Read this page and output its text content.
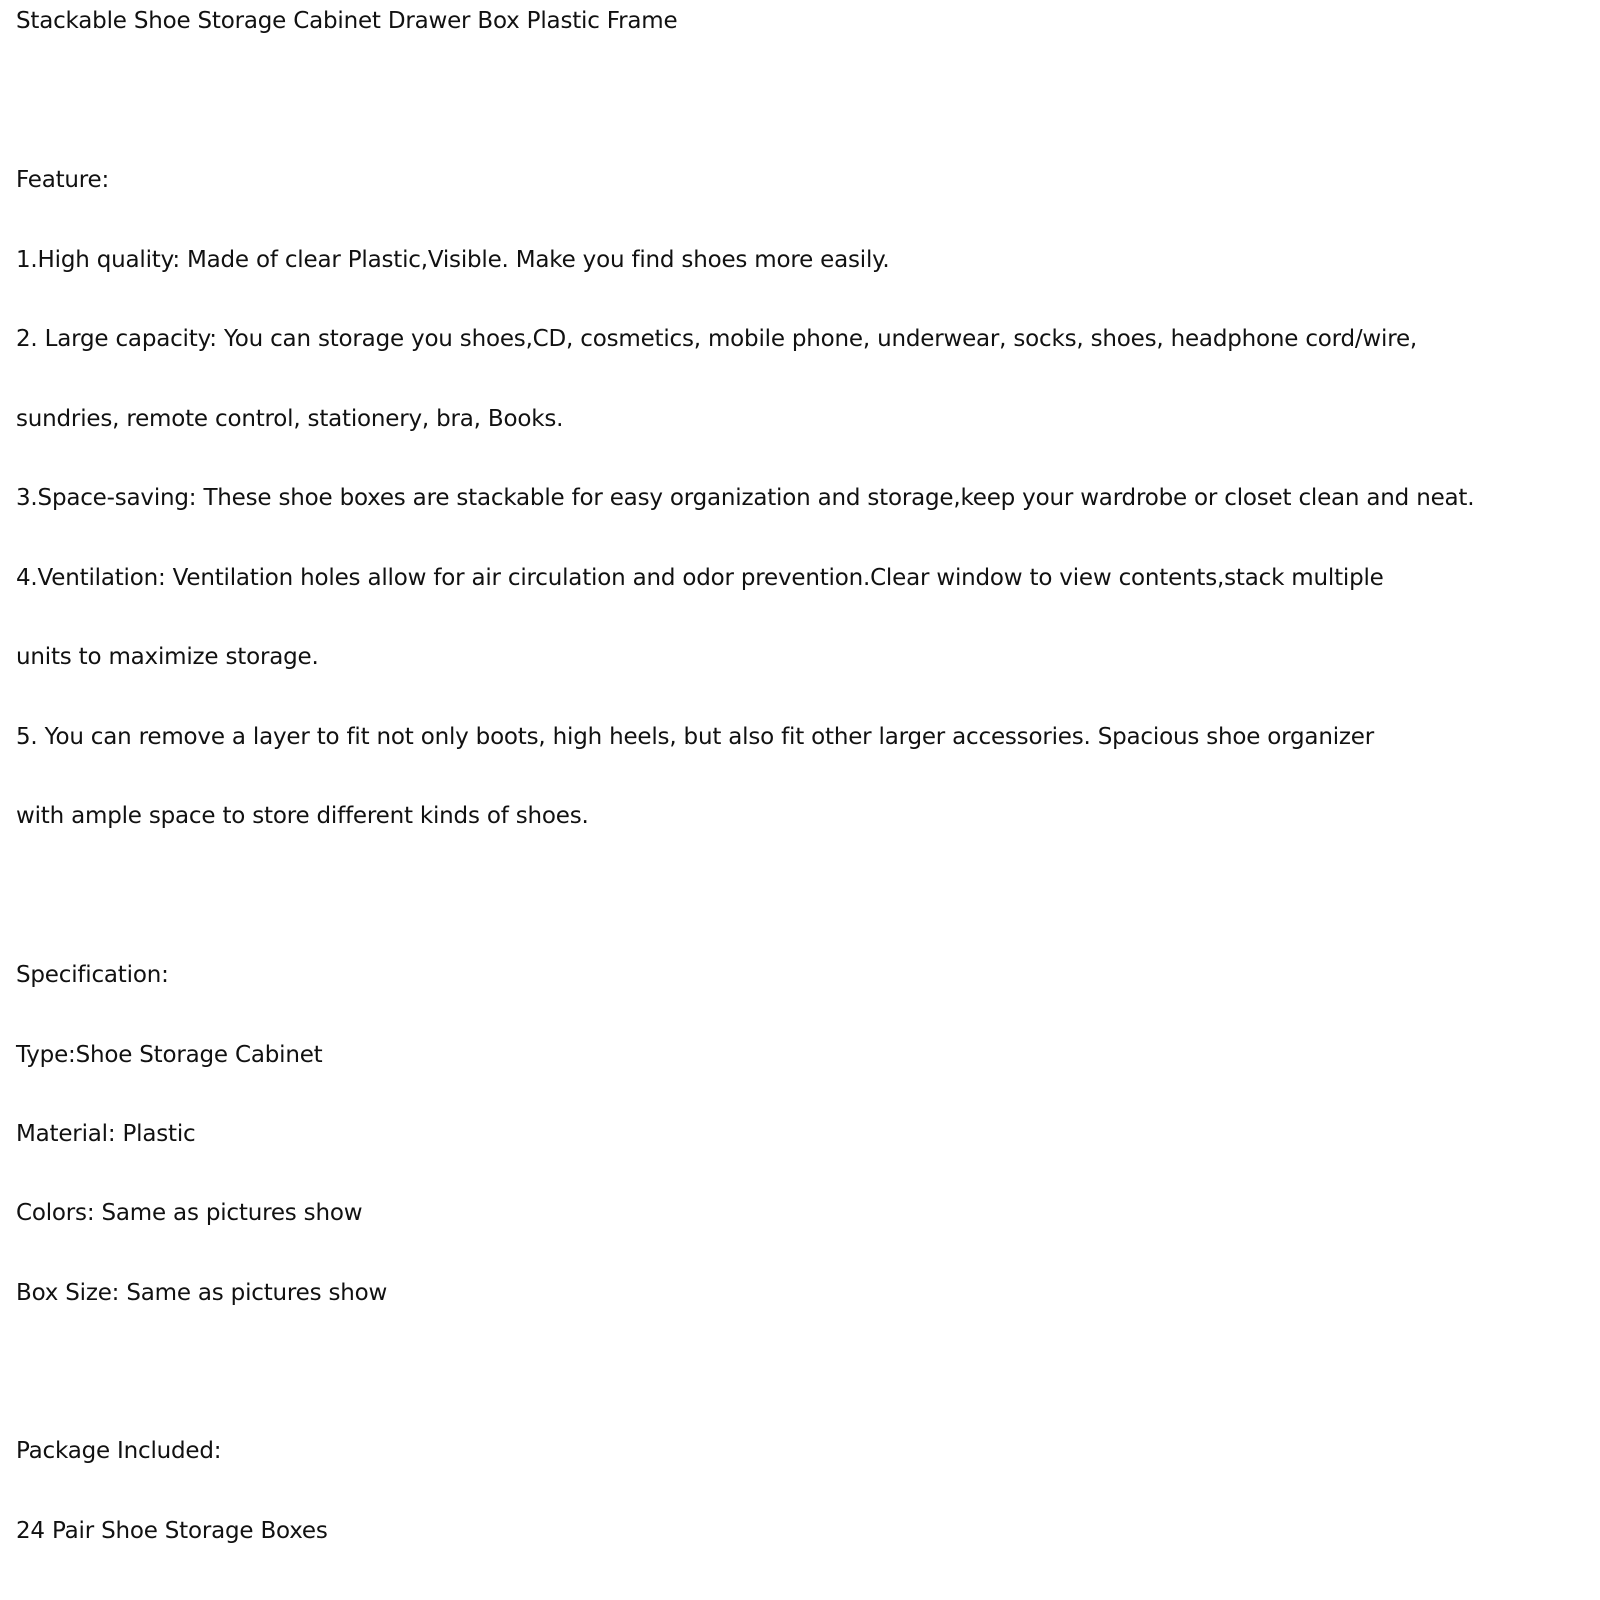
Stackable Shoe Storage Cabinet Drawer Box Plastic Frame
Feature:
1.High quality: Made of clear Plastic,Visible. Make you find shoes more easily.
2. Large capacity: You can storage you shoes,CD, cosmetics, mobile phone, underwear, socks, shoes, headphone cord/wire,
sundries, remote control, stationery, bra, Books.
3.Space-saving: These shoe boxes are stackable for easy organization and storage,keep your wardrobe or closet clean and neat.
4.Ventilation: Ventilation holes allow for air circulation and odor prevention.Clear window to view contents,stack multiple
units to maximize storage.
5. You can remove a layer to fit not only boots, high heels, but also fit other larger accessories. Spacious shoe organizer
with ample space to store different kinds of shoes.
Specification:
Type:Shoe Storage Cabinet
Material: Plastic
Colors: Same as pictures show
Box Size: Same as pictures show
Package Included:
24 Pair Shoe Storage Boxes
